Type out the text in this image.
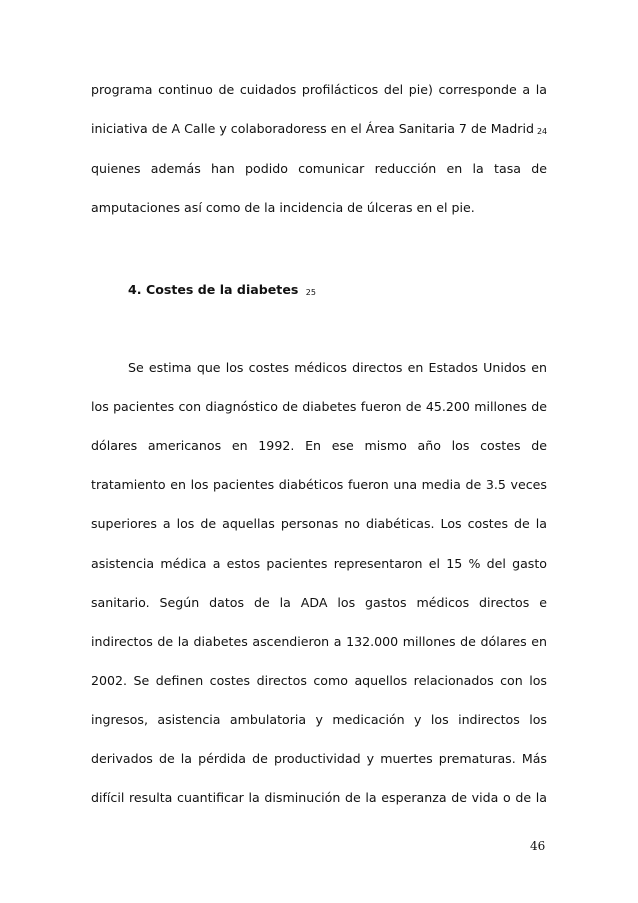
programa continuo de cuidados profilácticos del pie) corresponde a la
iniciativa de A Calle y colaboradoress en el Área Sanitaria 7 de Madrid 24
quienes además han podido comunicar reducción en la tasa de
amputaciones así como de la incidencia de úlceras en el pie.
4. Costes de la diabetes 25
Se estima que los costes médicos directos en Estados Unidos en
los pacientes con diagnóstico de diabetes fueron de 45.200 millones de
dólares americanos en 1992. En ese mismo año los costes de
tratamiento en los pacientes diabéticos fueron una media de 3.5 veces
superiores a los de aquellas personas no diabéticas. Los costes de la
asistencia médica a estos pacientes representaron el 15 % del gasto
sanitario. Según datos de la ADA los gastos médicos directos e
indirectos de la diabetes ascendieron a 132.000 millones de dólares en
2002. Se definen costes directos como aquellos relacionados con los
ingresos, asistencia ambulatoria y medicación y los indirectos los
derivados de la pérdida de productividad y muertes prematuras. Más
difícil resulta cuantificar la disminución de la esperanza de vida o de la
46
